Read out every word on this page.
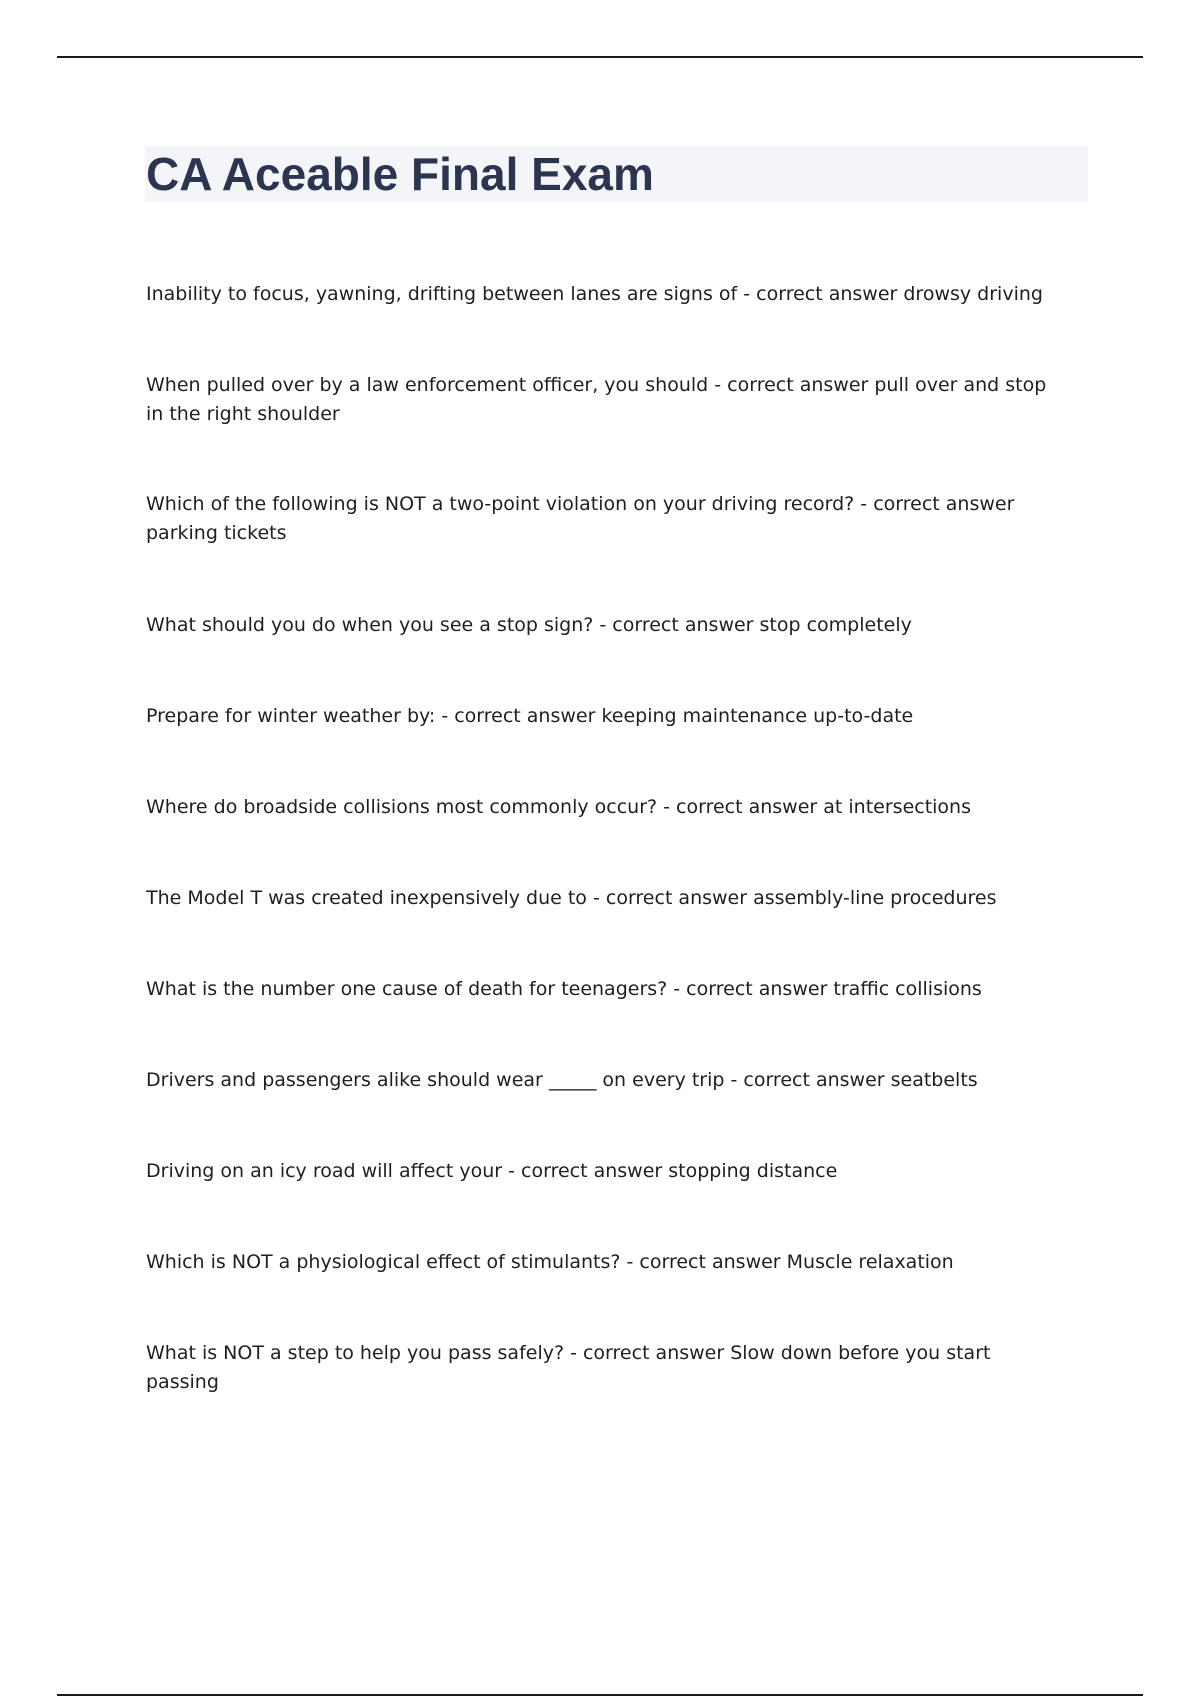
CA Aceable Final Exam
Inability to focus, yawning, drifting between lanes are signs of - correct answer drowsy driving
When pulled over by a law enforcement officer, you should - correct answer pull over and stop in the right shoulder
Which of the following is NOT a two-point violation on your driving record? - correct answer parking tickets
What should you do when you see a stop sign? - correct answer stop completely
Prepare for winter weather by: - correct answer keeping maintenance up-to-date
Where do broadside collisions most commonly occur? - correct answer at intersections
The Model T was created inexpensively due to - correct answer assembly-line procedures
What is the number one cause of death for teenagers? - correct answer traffic collisions
Drivers and passengers alike should wear _____ on every trip - correct answer seatbelts
Driving on an icy road will affect your - correct answer stopping distance
Which is NOT a physiological effect of stimulants? - correct answer Muscle relaxation
What is NOT a step to help you pass safely? - correct answer Slow down before you start passing
